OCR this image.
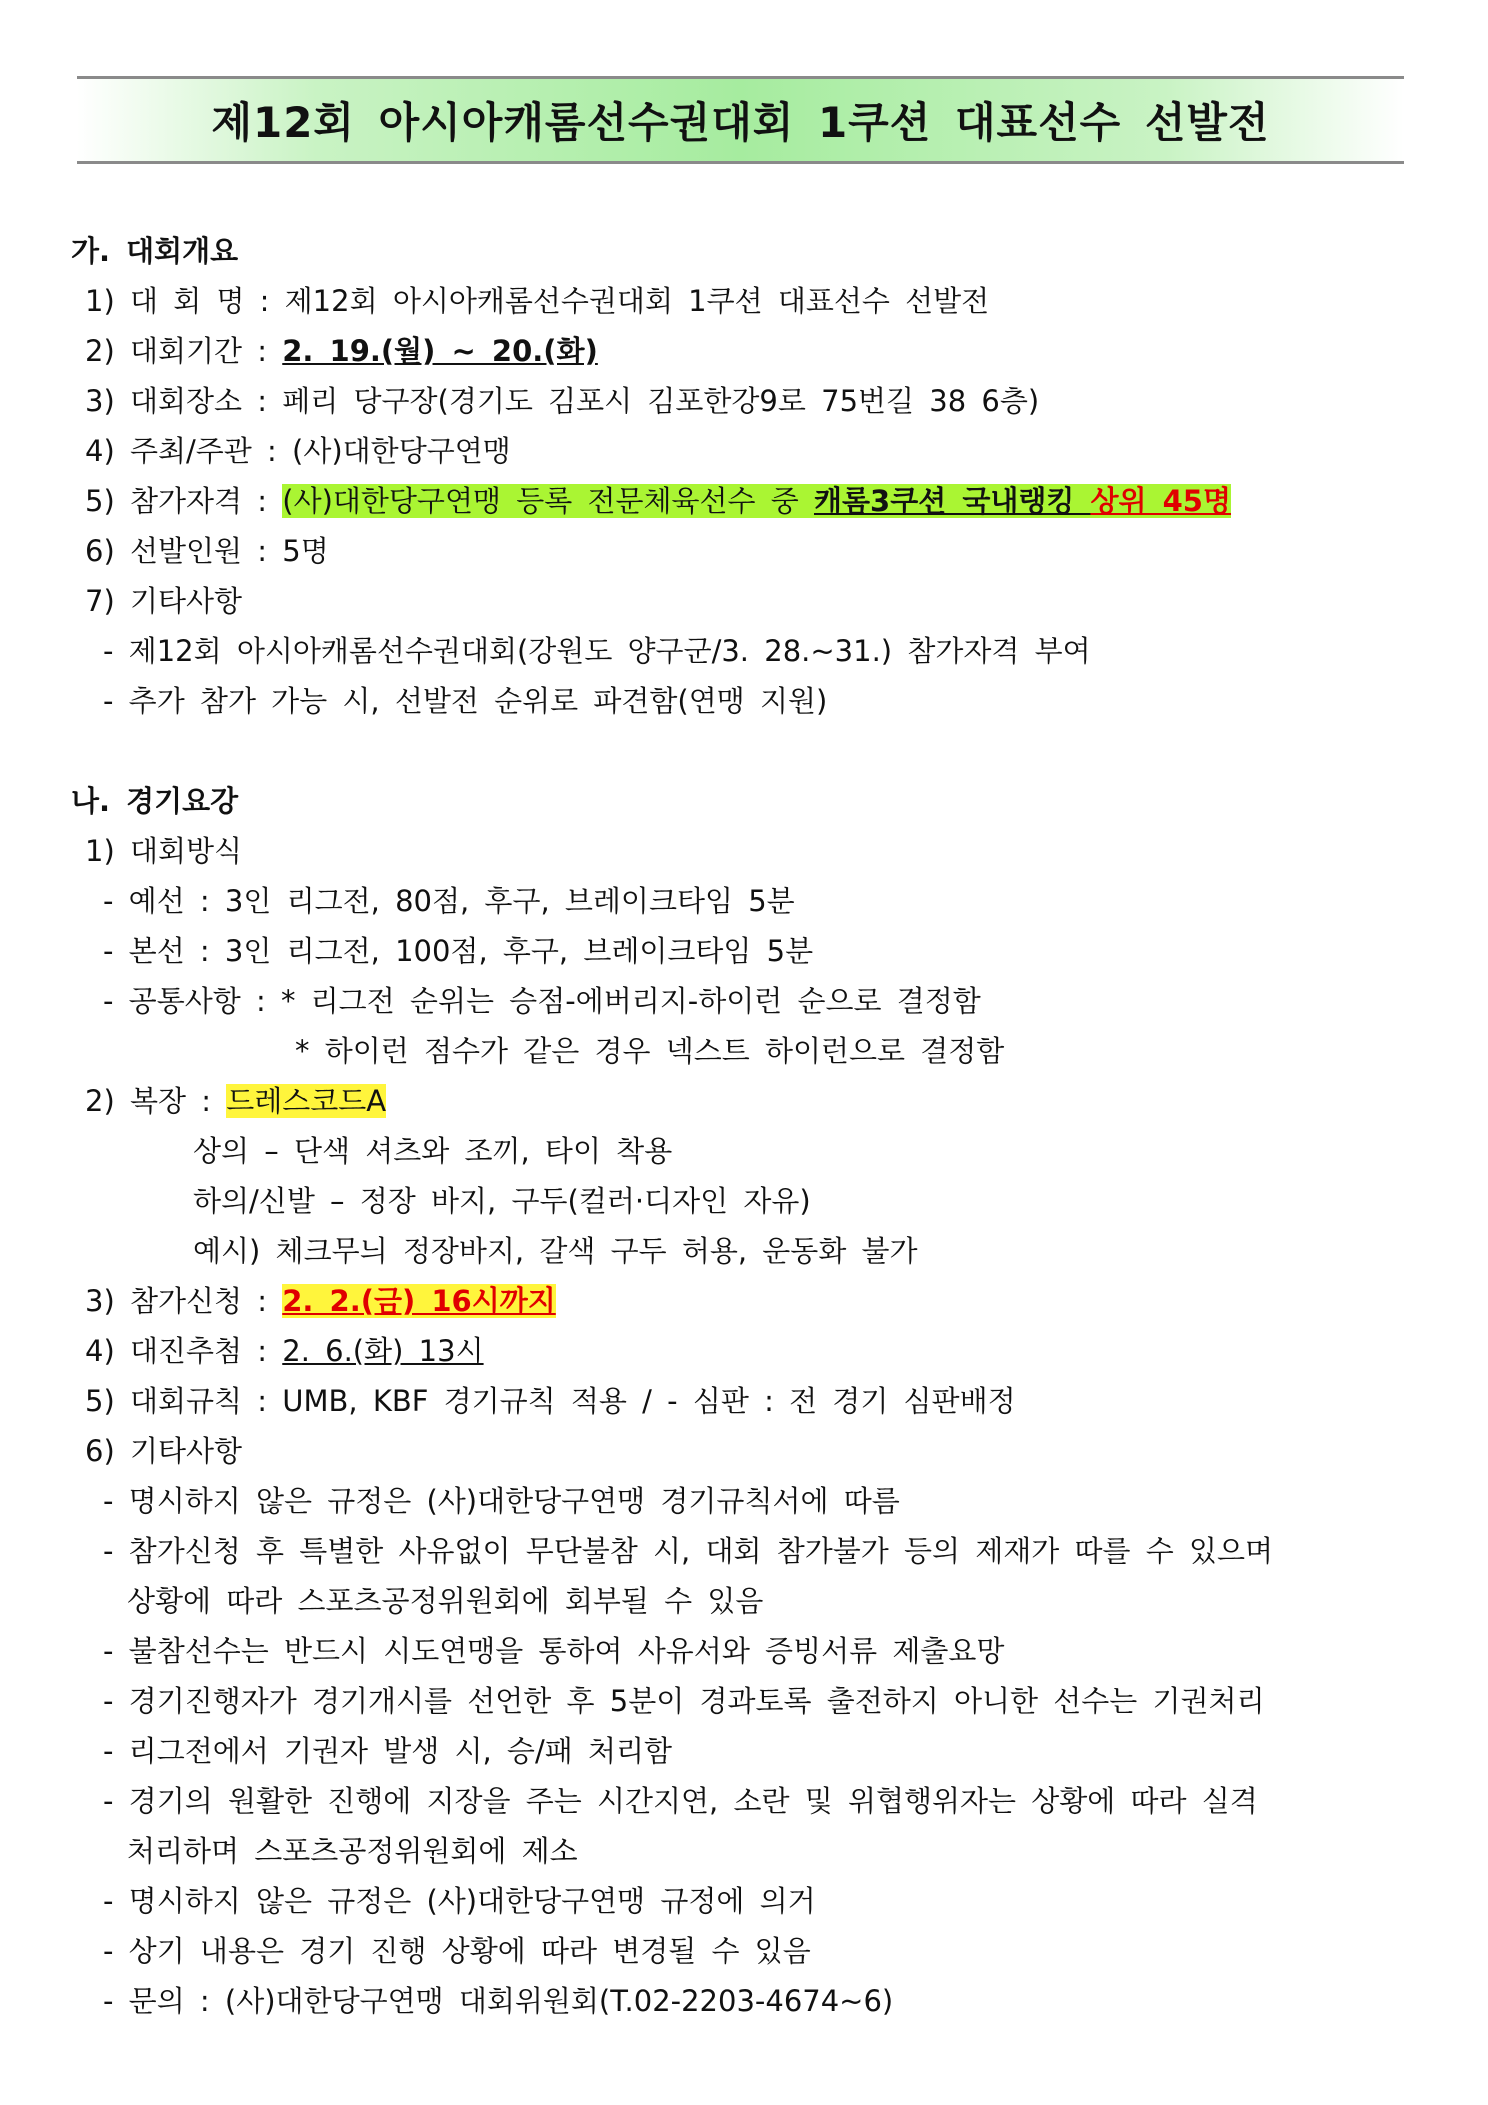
제12회 아시아캐롬선수권대회 1쿠션 대표선수 선발전
가. 대회개요
1) 대 회 명 : 제12회 아시아캐롬선수권대회 1쿠션 대표선수 선발전
2) 대회기간 : 2. 19.(월) ~ 20.(화)
3) 대회장소 : 페리 당구장(경기도 김포시 김포한강9로 75번길 38 6층)
4) 주최/주관 : (사)대한당구연맹
5) 참가자격 : (사)대한당구연맹 등록 전문체육선수 중 캐롬3쿠션 국내랭킹 상위 45명
6) 선발인원 : 5명
7) 기타사항
- 제12회 아시아캐롬선수권대회(강원도 양구군/3. 28.~31.) 참가자격 부여
- 추가 참가 가능 시, 선발전 순위로 파견함(연맹 지원)
나. 경기요강
1) 대회방식
- 예선 : 3인 리그전, 80점, 후구, 브레이크타임 5분
- 본선 : 3인 리그전, 100점, 후구, 브레이크타임 5분
- 공통사항 : * 리그전 순위는 승점-에버리지-하이런 순으로 결정함
* 하이런 점수가 같은 경우 넥스트 하이런으로 결정함
2) 복장 : 드레스코드A
상의 – 단색 셔츠와 조끼, 타이 착용
하의/신발 – 정장 바지, 구두(컬러·디자인 자유)
예시) 체크무늬 정장바지, 갈색 구두 허용, 운동화 불가
3) 참가신청 : 2. 2.(금) 16시까지
4) 대진추첨 : 2. 6.(화) 13시
5) 대회규칙 : UMB, KBF 경기규칙 적용 / - 심판 : 전 경기 심판배정
6) 기타사항
- 명시하지 않은 규정은 (사)대한당구연맹 경기규칙서에 따름
- 참가신청 후 특별한 사유없이 무단불참 시, 대회 참가불가 등의 제재가 따를 수 있으며
상황에 따라 스포츠공정위원회에 회부될 수 있음
- 불참선수는 반드시 시도연맹을 통하여 사유서와 증빙서류 제출요망
- 경기진행자가 경기개시를 선언한 후 5분이 경과토록 출전하지 아니한 선수는 기권처리
- 리그전에서 기권자 발생 시, 승/패 처리함
- 경기의 원활한 진행에 지장을 주는 시간지연, 소란 및 위협행위자는 상황에 따라 실격
처리하며 스포츠공정위원회에 제소
- 명시하지 않은 규정은 (사)대한당구연맹 규정에 의거
- 상기 내용은 경기 진행 상황에 따라 변경될 수 있음
- 문의 : (사)대한당구연맹 대회위원회(T.02-2203-4674~6)
